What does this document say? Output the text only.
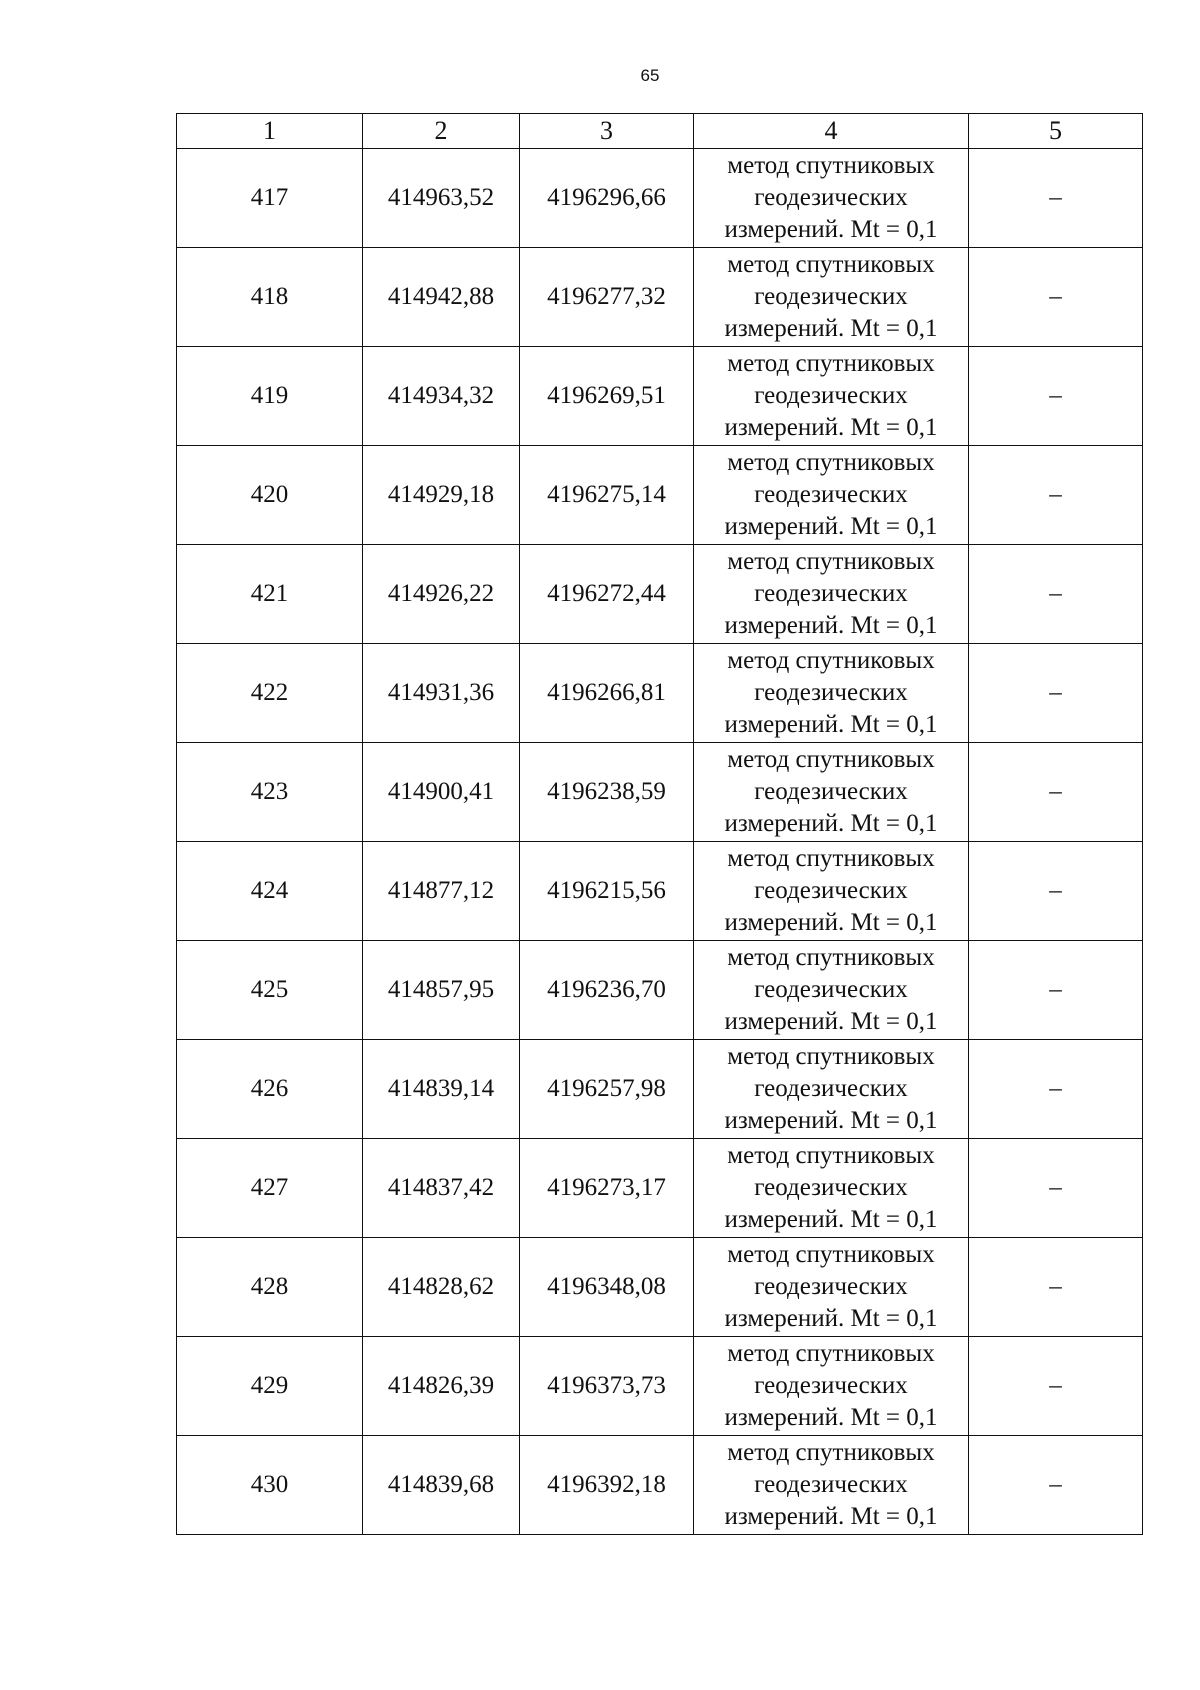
65
1	2	3	4	5
417	414963,52	4196296,66	метод спутниковых
геодезических
измерений. Mt = 0,1	–
418	414942,88	4196277,32	метод спутниковых
геодезических
измерений. Mt = 0,1	–
419	414934,32	4196269,51	метод спутниковых
геодезических
измерений. Mt = 0,1	–
420	414929,18	4196275,14	метод спутниковых
геодезических
измерений. Mt = 0,1	–
421	414926,22	4196272,44	метод спутниковых
геодезических
измерений. Mt = 0,1	–
422	414931,36	4196266,81	метод спутниковых
геодезических
измерений. Mt = 0,1	–
423	414900,41	4196238,59	метод спутниковых
геодезических
измерений. Mt = 0,1	–
424	414877,12	4196215,56	метод спутниковых
геодезических
измерений. Mt = 0,1	–
425	414857,95	4196236,70	метод спутниковых
геодезических
измерений. Mt = 0,1	–
426	414839,14	4196257,98	метод спутниковых
геодезических
измерений. Mt = 0,1	–
427	414837,42	4196273,17	метод спутниковых
геодезических
измерений. Mt = 0,1	–
428	414828,62	4196348,08	метод спутниковых
геодезических
измерений. Mt = 0,1	–
429	414826,39	4196373,73	метод спутниковых
геодезических
измерений. Mt = 0,1	–
430	414839,68	4196392,18	метод спутниковых
геодезических
измерений. Mt = 0,1	–
